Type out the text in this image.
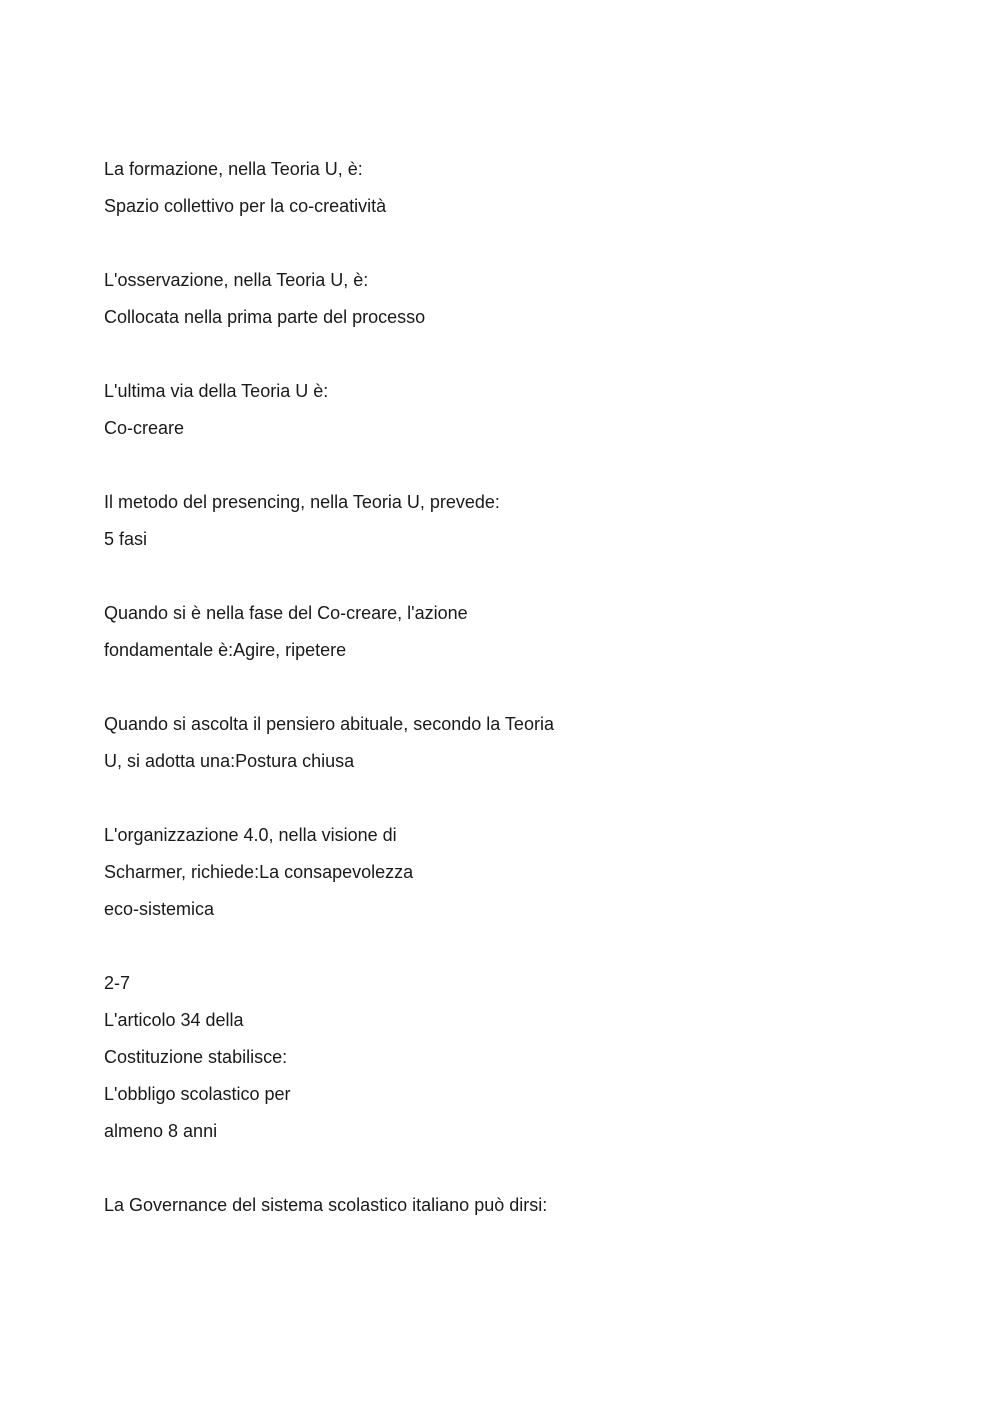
La formazione, nella Teoria U, è:
Spazio collettivo per la co-creatività
L'osservazione, nella Teoria U, è:
Collocata nella prima parte del processo
L'ultima via della Teoria U è:
Co-creare
Il metodo del presencing, nella Teoria U, prevede:
5 fasi
Quando si è nella fase del Co-creare, l'azione
fondamentale è:Agire, ripetere
Quando si ascolta il pensiero abituale, secondo la Teoria
U, si adotta una:Postura chiusa
L'organizzazione 4.0, nella visione di
Scharmer, richiede:La consapevolezza
eco-sistemica
2-7
L'articolo 34 della
Costituzione stabilisce:
L'obbligo scolastico per
almeno 8 anni
La Governance del sistema scolastico italiano può dirsi:
